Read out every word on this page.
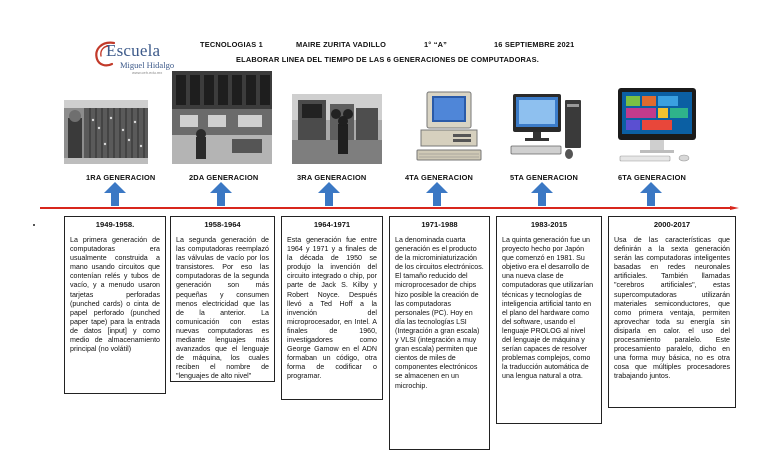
Escuela
Miguel Hidalgo
www.ceh.edu.mx
TECNOLOGIAS 1	MAIRE ZURITA VADILLO	1° “A”	16 SEPTIEMBRE 2021
ELABORAR LINEA DEL TIEMPO DE LAS 6 GENERACIONES DE COMPUTADORAS.
1RA GENERACION	2DA GENERACION	3RA GENERACION	4TA GENERACION	5TA GENERACION	6TA GENERACION
1949-1958.
La primera generación de computadoras era usualmente construida a mano usando circuitos que contenían relés y tubos de vacío, y a menudo usaron tarjetas perforadas (punched cards) o cinta de papel perforado (punched paper tape) para la entrada de datos [input] y como medio de almacenamiento principal (no volátil)
1958-1964
La segunda generación de las computadoras reemplazó las válvulas de vacío por los transistores. Por eso las computadoras de la segunda generación son más pequeñas y consumen menos electricidad que las de la anterior. La comunicación con estas nuevas computadoras es mediante lenguajes más avanzados que el lenguaje de máquina, los cuales reciben el nombre de "lenguajes de alto nivel"
1964-1971
Esta generación fue entre 1964 y 1971 y a finales de la década de 1950 se produjo la invención del circuito integrado o chip, por parte de Jack S. Kilby y Robert Noyce. Después llevó a Ted Hoff a la invención del microprocesador, en Intel. A finales de 1960, investigadores como George Gamow en el ADN formaban un código, otra forma de codificar o programar.
1971-1988
La denominada cuarta generación es el producto de la microminiaturización de los circuitos electrónicos. El tamaño reducido del microprocesador de chips hizo posible la creación de las computadoras personales (PC). Hoy en día las tecnologías LSI (Integración a gran escala) y VLSI (integración a muy gran escala) permiten que cientos de miles de componentes electrónicos se almacenen en un microchip.
1983-2015
La quinta generación fue un proyecto hecho por Japón que comenzó en 1981. Su objetivo era el desarrollo de una nueva clase de computadoras que utilizarían técnicas y tecnologías de inteligencia artificial tanto en el plano del hardware como del software, usando el lenguaje PROLOG al nivel del lenguaje de máquina y serían capaces de resolver problemas complejos, como la traducción automática de una lengua natural a otra.
2000-2017
Usa de las características que definirán a la sexta generación serán las computadoras inteligentes basadas en redes neuronales artificiales. También llamadas "cerebros artificiales", estas supercomputadoras utilizarán materiales semiconductores, que como primera ventaja, permiten aprovechar toda su energía sin disiparla en calor. el uso del procesamiento paralelo. Este procesamiento paralelo, dicho en una forma muy básica, no es otra cosa que múltiples procesadores trabajando juntos.
